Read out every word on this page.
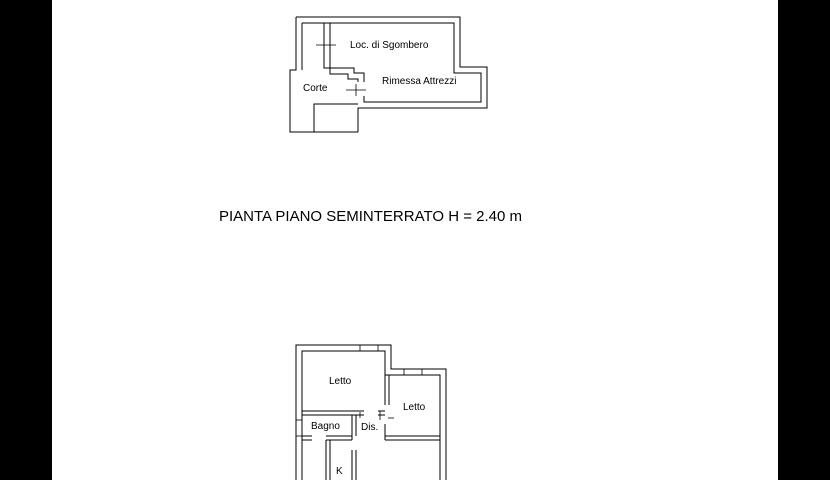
Loc. di Sgombero
Rimessa Attrezzi
Corte
PIANTA PIANO SEMINTERRATO H = 2.40 m
Letto
Letto
Bagno Dis.
K
